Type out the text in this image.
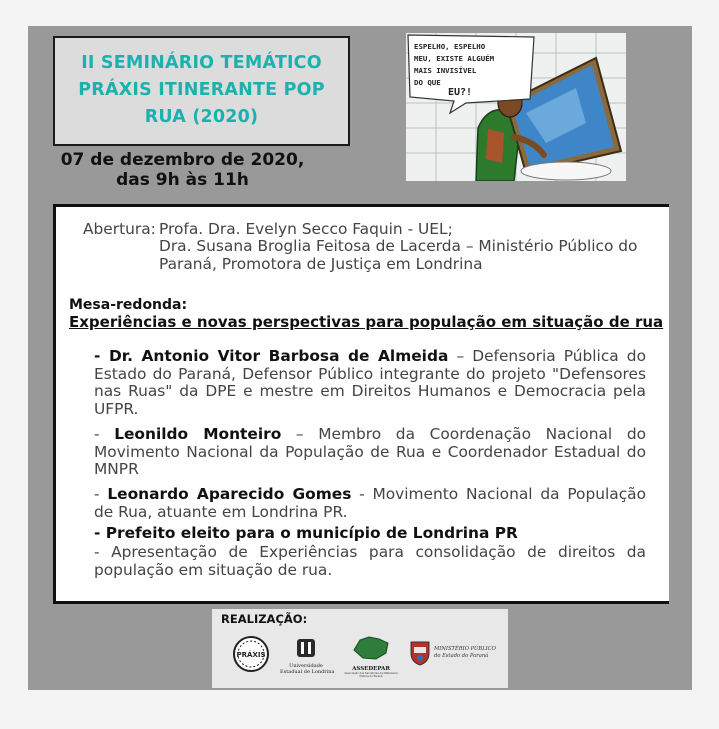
II SEMINÁRIO TEMÁTICO
PRÁXIS ITINERANTE POP
RUA (2020)
07 de dezembro de 2020,
das 9h às 11h
ESPELHO, ESPELHO
MEU, EXISTE ALGUÉM
MAIS INVISÍVEL
DO QUE
EU?!
Abertura: Profa. Dra. Evelyn Secco Faquin - UEL;
Dra. Susana Broglia Feitosa de Lacerda – Ministério Público do Paraná, Promotora de Justiça em Londrina
Mesa-redonda:
Experiências e novas perspectivas para população em situação de rua
- Dr. Antonio Vitor Barbosa de Almeida – Defensoria Pública do Estado do Paraná, Defensor Público integrante do projeto "Defensores nas Ruas" da DPE e mestre em Direitos Humanos e Democracia pela UFPR.
- Leonildo Monteiro – Membro da Coordenação Nacional do Movimento Nacional da População de Rua e Coordenador Estadual do MNPR
- Leonardo Aparecido Gomes - Movimento Nacional da População de Rua, atuante em Londrina PR.
- Prefeito eleito para o município de Londrina PR
- Apresentação de Experiências para consolidação de direitos da população em situação de rua.
REALIZAÇÃO:
PRÁXIS
Universidade
Estadual de Londrina	ASSEDEPAR
Associação dos Servidores da Defensoria Pública do Paraná
MINISTÉRIO PÚBLICO
do Estado do Paraná
